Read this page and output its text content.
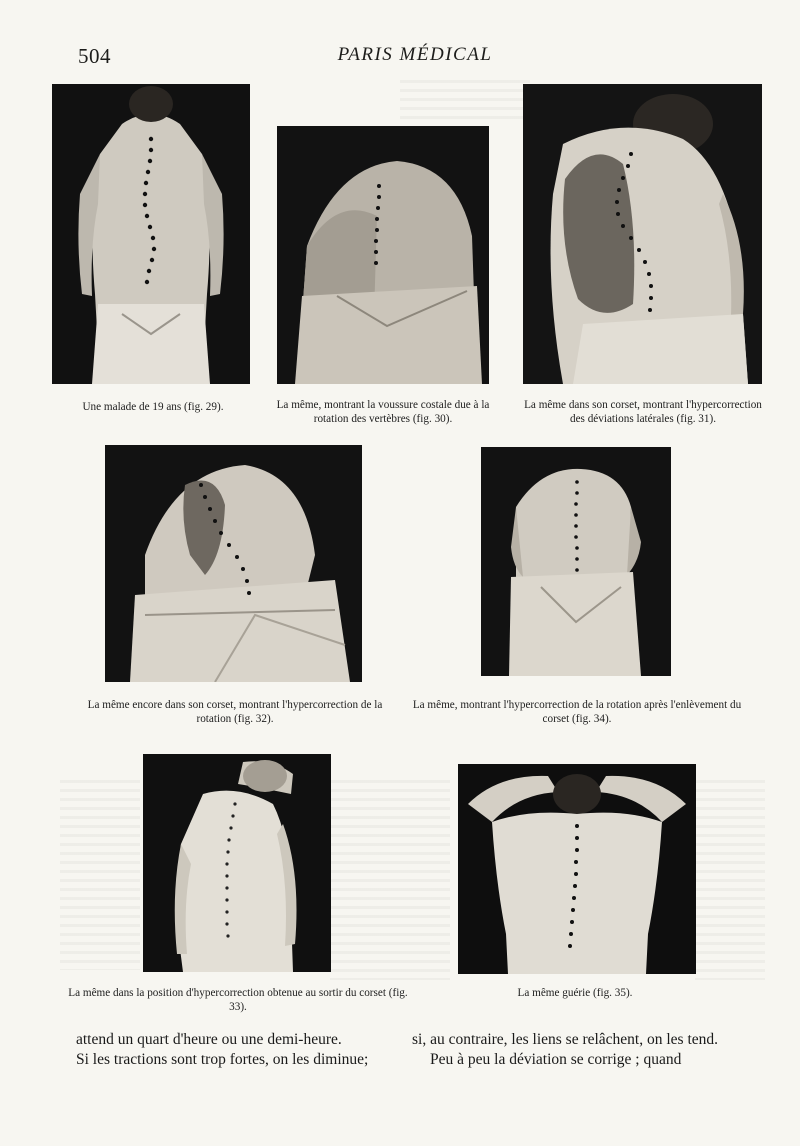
504	PARIS MÉDICAL
Une malade de 19 ans (fig. 29).	La même, montrant la voussure costale due à la rotation des vertèbres (fig. 30).
La même dans son corset, montrant l'hypercorrection des déviations latérales (fig. 31).
La même encore dans son corset, montrant l'hypercorrection de la rotation (fig. 32).
La même, montrant l'hypercorrection de la rotation après l'enlèvement du corset (fig. 34).
La même dans la position d'hypercorrection obtenue au sortir du corset (fig. 33).
La même guérie (fig. 35).
attend un quart d'heure ou une demi-heure.
Si les tractions sont trop fortes, on les diminue;
si, au contraire, les liens se relâchent, on les tend.
Peu à peu la déviation se corrige ; quand
